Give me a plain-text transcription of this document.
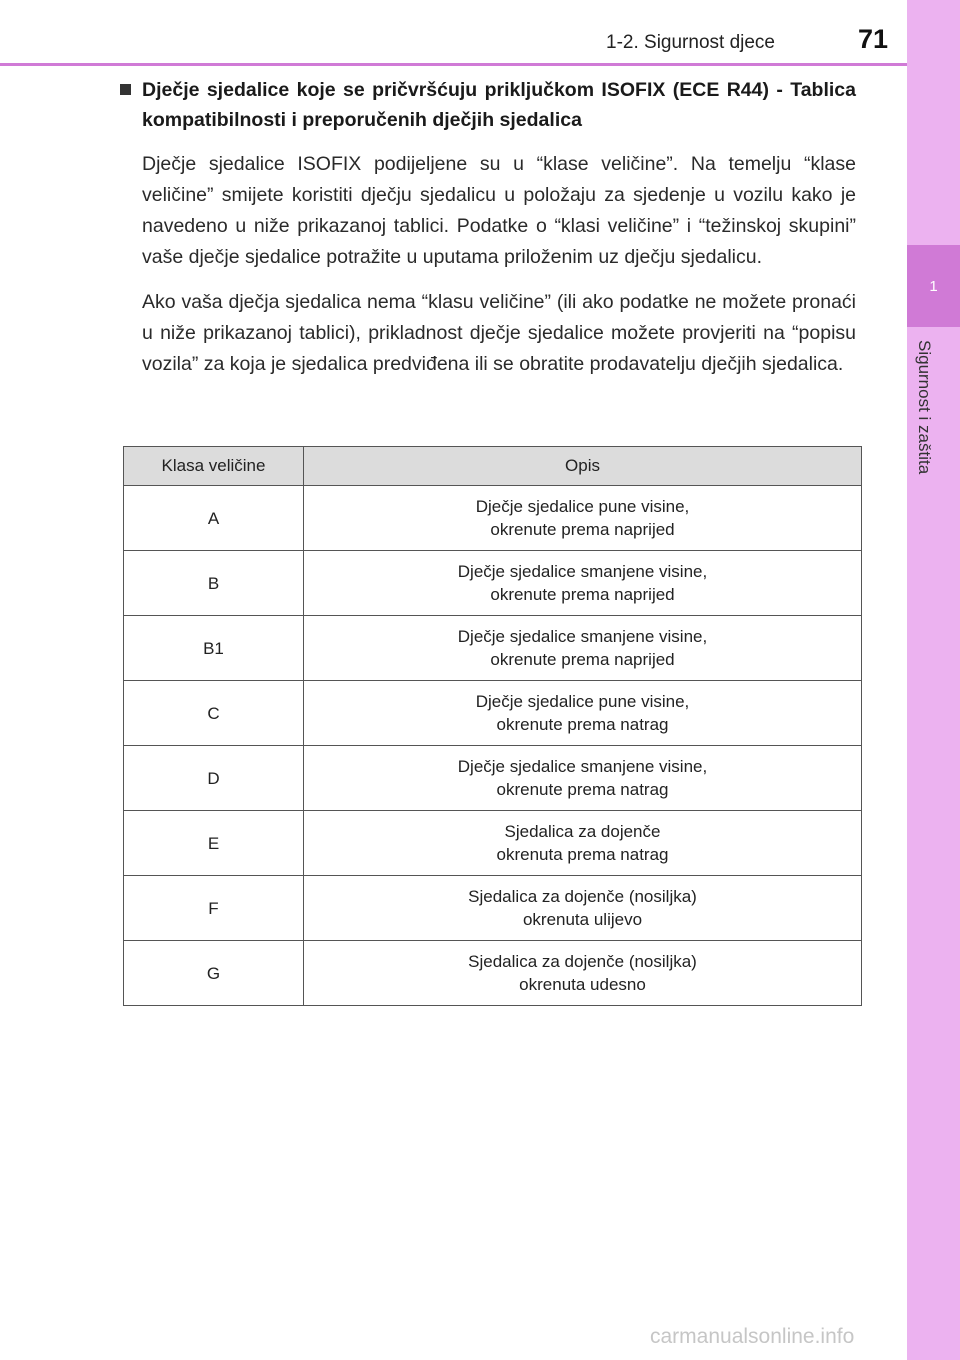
1
Sigurnost i zaštita
1-2. Sigurnost djece	71
Dječje sjedalice koje se pričvršćuju priključkom ISOFIX (ECE R44) - Tablica kompatibilnosti i preporučenih dječjih sjedalica

Dječje sjedalice ISOFIX podijeljene su u “klase veličine”. Na temelju “klase veličine” smijete koristiti dječju sjedalicu u položaju za sjedenje u vozilu kako je navedeno u niže prikazanoj tablici. Podatke o “klasi veličine” i “težinskoj skupini” vaše dječje sjedalice potražite u uputama priloženim uz dječju sjedalicu.

Ako vaša dječja sjedalica nema “klasu veličine” (ili ako podatke ne možete pronaći u niže prikazanoj tablici), prikladnost dječje sjedalice možete provjeriti na “popisu vozila” za koja je sjedalica predviđena ili se obratite prodavatelju dječjih sjedalica.

Klasa veličine	Opis
A	Dječje sjedalice pune visine,
okrenute prema naprijed
B	Dječje sjedalice smanjene visine,
okrenute prema naprijed
B1	Dječje sjedalice smanjene visine,
okrenute prema naprijed
C	Dječje sjedalice pune visine,
okrenute prema natrag
D	Dječje sjedalice smanjene visine,
okrenute prema natrag
E	Sjedalica za dojenče
okrenuta prema natrag
F	Sjedalica za dojenče (nosiljka)
okrenuta ulijevo
G	Sjedalica za dojenče (nosiljka)
okrenuta udesno
carmanualsonline.info
